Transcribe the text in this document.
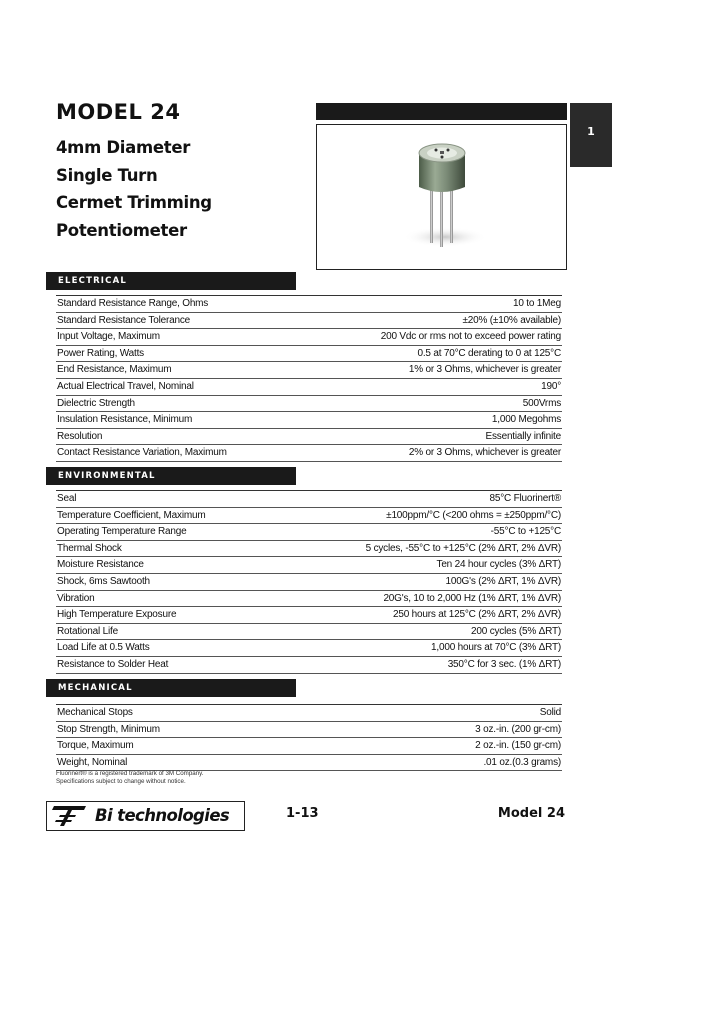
MODEL 24
4mm Diameter
Single Turn
Cermet Trimming
Potentiometer
1
ELECTRICAL
Standard Resistance Range, Ohms	10 to 1Meg
Standard Resistance Tolerance	±20% (±10% available)
Input Voltage, Maximum	200 Vdc or rms not to exceed power rating
Power Rating, Watts	0.5 at 70°C derating to 0 at 125°C
End Resistance, Maximum	1% or 3 Ohms, whichever is greater
Actual Electrical Travel, Nominal	190°
Dielectric Strength	500Vrms
Insulation Resistance, Minimum	1,000 Megohms
Resolution	Essentially infinite
Contact Resistance Variation, Maximum	2% or 3 Ohms, whichever is greater
ENVIRONMENTAL
Seal	85°C Fluorinert®
Temperature Coefficient, Maximum	±100ppm/°C (<200 ohms = ±250ppm/°C)
Operating Temperature Range	-55°C to +125°C
Thermal Shock	5 cycles, -55°C to +125°C (2% ΔRT, 2% ΔVR)
Moisture Resistance	Ten 24 hour cycles (3% ΔRT)
Shock, 6ms Sawtooth	100G's (2% ΔRT, 1% ΔVR)
Vibration	20G's, 10 to 2,000 Hz (1% ΔRT, 1% ΔVR)
High Temperature Exposure	250 hours at 125°C (2% ΔRT, 2% ΔVR)
Rotational Life	200 cycles (5% ΔRT)
Load Life at 0.5 Watts	1,000 hours at 70°C (3% ΔRT)
Resistance to Solder Heat	350°C for 3 sec. (1% ΔRT)
MECHANICAL
Mechanical Stops	Solid
Stop Strength, Minimum	3 oz.-in. (200 gr-cm)
Torque, Maximum	2 oz.-in. (150 gr-cm)
Weight, Nominal	.01 oz.(0.3 grams)
Fluorinert® is a registered trademark of 3M Company.
Specifications subject to change without notice.
Bi technologies	1-13	Model 24
